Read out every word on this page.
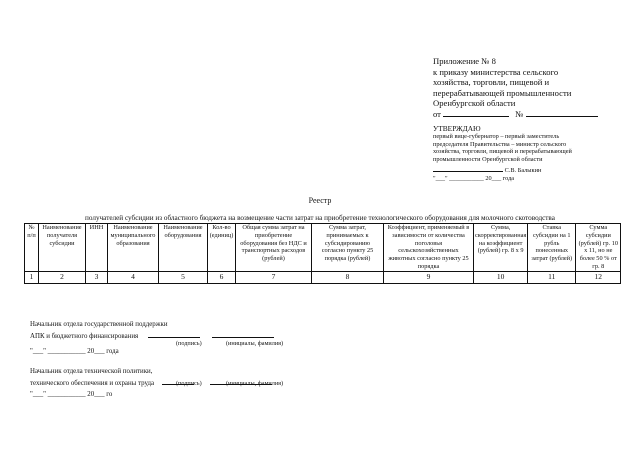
Приложение № 8
к приказу министерства сельского
хозяйства, торговли, пищевой и
перерабатывающей промышленности
Оренбургской области
от	№
УТВЕРЖДАЮ
первый вице-губернатор – первый заместитель
председателя Правительства – министр сельского
хозяйства, торговли, пищевой и перерабатывающей
промышленности Оренбургской области
С.В. Балыкин
"___" ___________ 20___ года
Реестр
получателей субсидии из областного бюджета на возмещение части затрат на приобретение технологического оборудования для молочного скотоводства
№ п/п	Наименование получателя субсидии	ИНН	Наименование муниципального образования	Наименование оборудования	Кол-во (единиц)	Общая сумма затрат на приобретение оборудования без НДС и транспортных расходов (рублей)	Сумма затрат, принимаемых к субсидированию согласно пункту 25 порядка (рублей)	Коэффициент, применяемый в зависимости от количества поголовья сельскохозяйственных животных согласно пункту 25 порядка	Сумма, скорректированная на коэффициент (рублей) гр. 8 х 9	Ставка субсидии на 1 рубль понесенных затрат (рублей)	Сумма субсидии (рублей) гр. 10 х 11, но не более 50 % от гр. 8
1	2	3	4	5	6	7	8	9	10	11	12
Начальник отдела государственной поддержки
АПК и бюджетного финансирования
(подпись)	(инициалы, фамилия)
"___" ___________ 20___ года
Начальник отдела технической политики,
технического обеспечения и охраны труда	(подпись)	(инициалы, фамилия)
"___" ___________ 20___ го
